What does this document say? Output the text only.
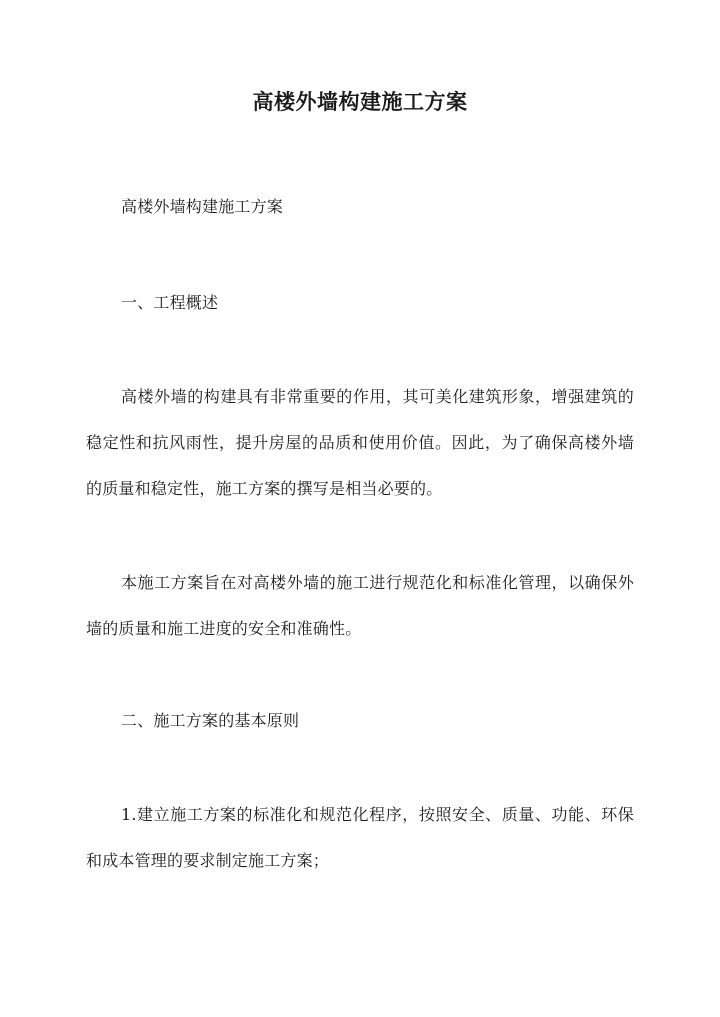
高楼外墙构建施工方案

高楼外墙构建施工方案

一、工程概述

高楼外墙的构建具有非常重要的作用，其可美化建筑形象，增强建筑的稳定性和抗风雨性，提升房屋的品质和使用价值。因此，为了确保高楼外墙的质量和稳定性，施工方案的撰写是相当必要的。

本施工方案旨在对高楼外墙的施工进行规范化和标准化管理，以确保外墙的质量和施工进度的安全和准确性。

二、施工方案的基本原则

1.建立施工方案的标准化和规范化程序，按照安全、质量、功能、环保和成本管理的要求制定施工方案；
